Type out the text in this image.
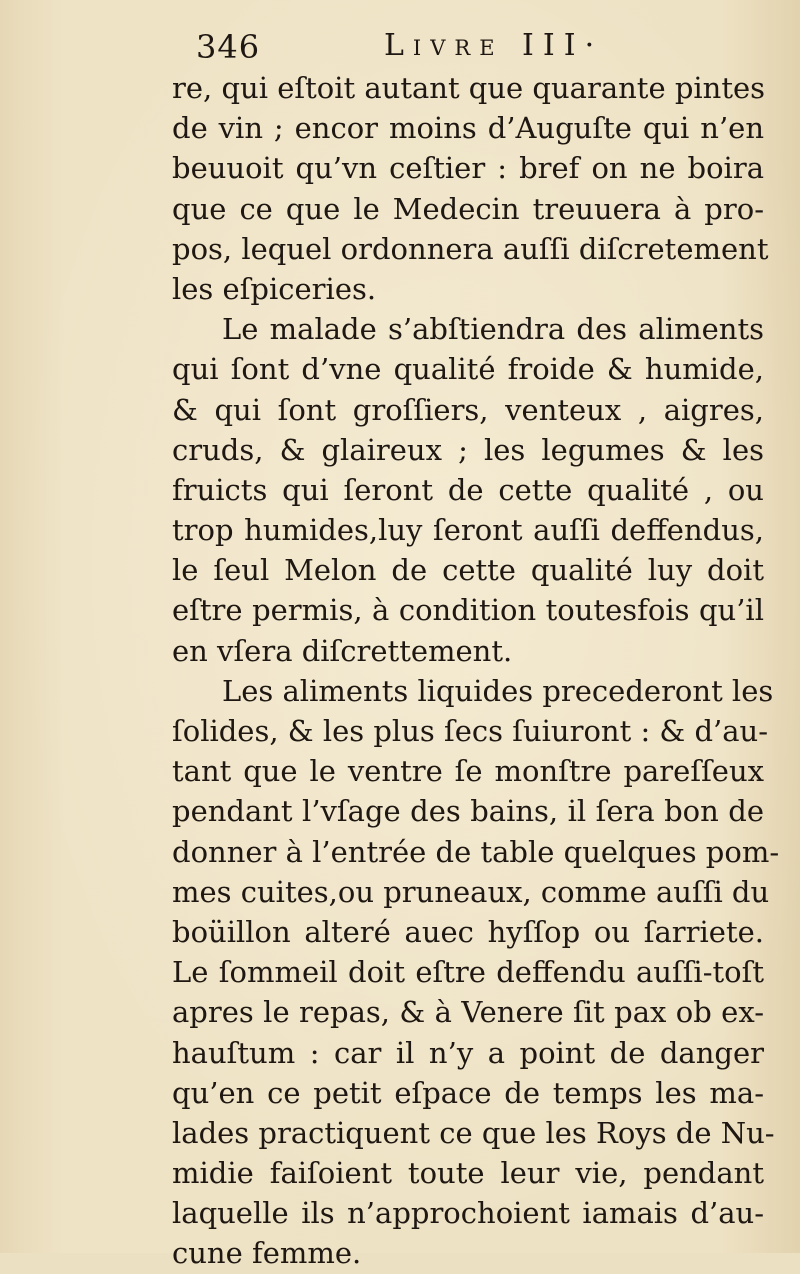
346	Livre III·
re, qui eſtoit autant que quarante pintes
de vin ; encor moins d’Auguſte qui n’en
beuuoit qu’vn ceſtier : bref on ne boira
que ce que le Medecin treuuera à pro-
pos, lequel ordonnera auſſi diſcretement
les eſpiceries.
Le malade s’abſtiendra des aliments
qui ſont d’vne qualité froide & humide,
& qui ſont groſſiers, venteux , aigres,
cruds, & glaireux ; les legumes & les
fruicts qui ſeront de cette qualité , ou
trop humides,luy ſeront auſſi deffendus,
le ſeul Melon de cette qualité luy doit
eſtre permis, à condition toutesfois qu’il
en vſera diſcrettement.
Les aliments liquides precederont les
ſolides, & les plus ſecs ſuiuront : & d’au-
tant que le ventre ſe monſtre pareſſeux
pendant l’vſage des bains, il ſera bon de
donner à l’entrée de table quelques pom-
mes cuites,ou pruneaux, comme auſſi du
boüillon alteré auec hyſſop ou ſarriete.
Le ſommeil doit eſtre deffendu auſſi-toſt
apres le repas, & à Venere ſit pax ob ex-
hauſtum : car il n’y a point de danger
qu’en ce petit eſpace de temps les ma-
lades practiquent ce que les Roys de Nu-
midie faiſoient toute leur vie, pendant
laquelle ils n’approchoient iamais d’au-
cune femme.
